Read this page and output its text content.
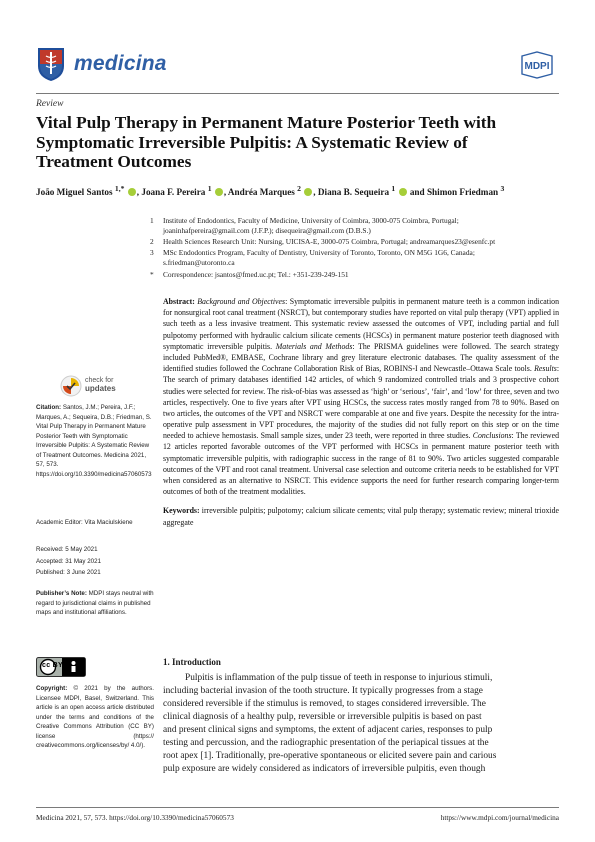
medicina	MDPI
Review
Vital Pulp Therapy in Permanent Mature Posterior Teeth with
Symptomatic Irreversible Pulpitis: A Systematic Review of
Treatment Outcomes
João Miguel Santos $^{1,*}$ , Joana F. Pereira $^1$ , Andréa Marques $^2$ , Diana B. Sequeira $^1$  and Shimon Friedman $^3$
1 Institute of Endodontics, Faculty of Medicine, University of Coimbra, 3000-075 Coimbra, Portugal;
joaninhafpereira@gmail.com (J.F.P.); disequeira@gmail.com (D.B.S.)
2 Health Sciences Research Unit: Nursing, UICISA-E, 3000-075 Coimbra, Portugal; andreamarques23@esenfc.pt
3 MSc Endodontics Program, Faculty of Dentistry, University of Toronto, Toronto, ON M5G 1G6, Canada;
s.friedman@utoronto.ca
* Correspondence: jsantos@fmed.uc.pt; Tel.: +351-239-249-151
Abstract: Background and Objectives: Symptomatic irreversible pulpitis in permanent mature teeth is a common indication for nonsurgical root canal treatment (NSRCT), but contemporary studies have reported on vital pulp therapy (VPT) applied in such teeth as a less invasive treatment. This systematic review assessed the outcomes of VPT, including partial and full pulpotomy performed with hydraulic calcium silicate cements (HCSCs) in permanent mature posterior teeth diagnosed with symptomatic irreversible pulpitis. Materials and Methods: The PRISMA guidelines were followed. The search strategy included PubMed®, EMBASE, Cochrane library and grey literature electronic databases. The quality assessment of the identified studies followed the Cochrane Collaboration Risk of Bias, ROBINS-I and Newcastle–Ottawa Scale tools. Results: The search of primary databases identified 142 articles, of which 9 randomized controlled trials and 3 prospective cohort studies were selected for review. The risk-of-bias was assessed as ‘high’ or ‘serious’, ‘fair’, and ‘low’ for three, seven and two articles, respectively. One to five years after VPT using HCSCs, the success rates mostly ranged from 78 to 90%. Based on two articles, the outcomes of the VPT and NSRCT were comparable at one and five years. Despite the necessity for the intra-operative pulp assessment in VPT procedures, the majority of the studies did not fully report on this step or on the time needed to achieve hemostasis. Small sample sizes, under 23 teeth, were reported in three studies. Conclusions: The reviewed 12 articles reported favorable outcomes of the VPT performed with HCSCs in permanent mature posterior teeth with symptomatic irreversible pulpitis, with radiographic success in the range of 81 to 90%. Two articles suggested comparable outcomes of the VPT and root canal treatment. Universal case selection and outcome criteria needs to be established for VPT when considered as an alternative to NSRCT. This evidence supports the need for further research comparing longer-term outcomes of both of the treatment modalities.
Keywords: irreversible pulpitis; pulpotomy; calcium silicate cements; vital pulp therapy; systematic review; mineral trioxide aggregate
check for
updates
Citation: Santos, J.M.; Pereira, J.F.; Marques, A.; Sequeira, D.B.; Friedman, S. Vital Pulp Therapy in Permanent Mature Posterior Teeth with Symptomatic Irreversible Pulpitis: A Systematic Review of Treatment Outcomes. Medicina 2021, 57, 573. https://doi.org/10.3390/medicina57060573
Academic Editor: Vita Maciulskiene
Received: 5 May 2021
Accepted: 31 May 2021
Published: 3 June 2021
Publisher’s Note: MDPI stays neutral with regard to jurisdictional claims in published maps and institutional affiliations.
cc BY
Copyright: © 2021 by the authors. Licensee MDPI, Basel, Switzerland. This article is an open access article distributed under the terms and conditions of the Creative Commons Attribution (CC BY) license (https:// creativecommons.org/licenses/by/ 4.0/).
1. Introduction
Pulpitis is inflammation of the pulp tissue of teeth in response to injurious stimuli,
including bacterial invasion of the tooth structure. It typically progresses from a stage
considered reversible if the stimulus is removed, to stages considered irreversible. The
clinical diagnosis of a healthy pulp, reversible or irreversible pulpitis is based on past
and present clinical signs and symptoms, the extent of adjacent caries, responses to pulp
testing and percussion, and the radiographic presentation of the periapical tissues at the
root apex [1]. Traditionally, pre-operative spontaneous or elicited severe pain and carious
pulp exposure are widely considered as indicators of irreversible pulpitis, even though
Medicina 2021, 57, 573. https://doi.org/10.3390/medicina57060573	https://www.mdpi.com/journal/medicina
